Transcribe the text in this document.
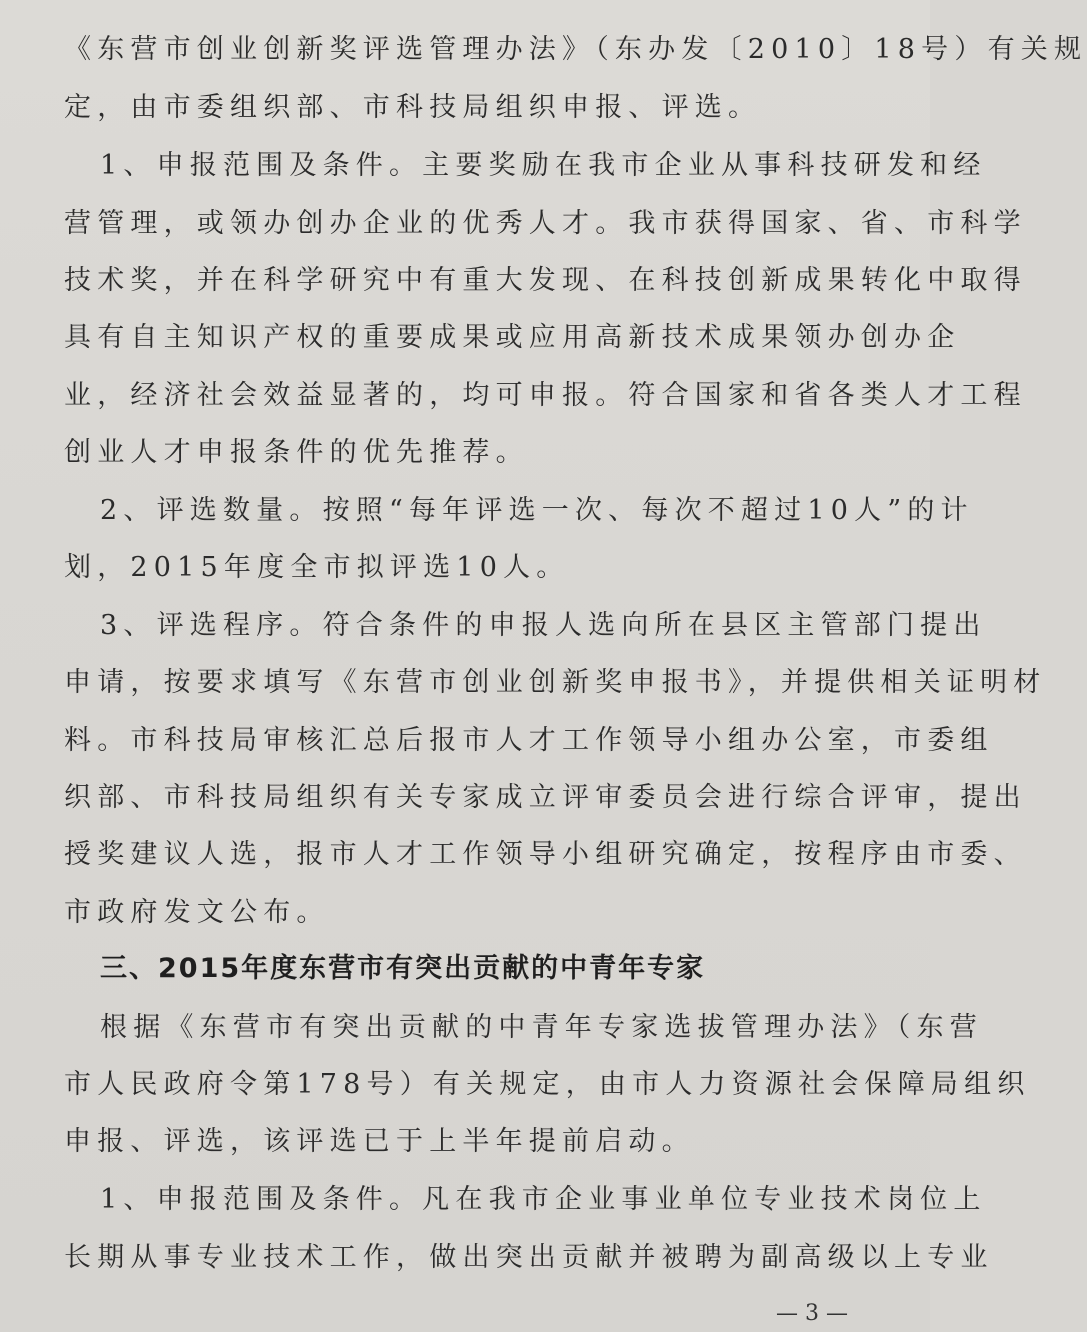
《东营市创业创新奖评选管理办法》（东办发〔2010〕18号）有关规
定，由市委组织部、市科技局组织申报、评选。
1、申报范围及条件。主要奖励在我市企业从事科技研发和经
营管理，或领办创办企业的优秀人才。我市获得国家、省、市科学
技术奖，并在科学研究中有重大发现、在科技创新成果转化中取得
具有自主知识产权的重要成果或应用高新技术成果领办创办企
业，经济社会效益显著的，均可申报。符合国家和省各类人才工程
创业人才申报条件的优先推荐。
2、评选数量。按照“每年评选一次、每次不超过10人”的计
划，2015年度全市拟评选10人。
3、评选程序。符合条件的申报人选向所在县区主管部门提出
申请，按要求填写《东营市创业创新奖申报书》，并提供相关证明材
料。市科技局审核汇总后报市人才工作领导小组办公室，市委组
织部、市科技局组织有关专家成立评审委员会进行综合评审，提出
授奖建议人选，报市人才工作领导小组研究确定，按程序由市委、
市政府发文公布。
三、2015年度东营市有突出贡献的中青年专家
根据《东营市有突出贡献的中青年专家选拔管理办法》（东营
市人民政府令第178号）有关规定，由市人力资源社会保障局组织
申报、评选，该评选已于上半年提前启动。
1、申报范围及条件。凡在我市企业事业单位专业技术岗位上
长期从事专业技术工作，做出突出贡献并被聘为副高级以上专业
— 3 —
